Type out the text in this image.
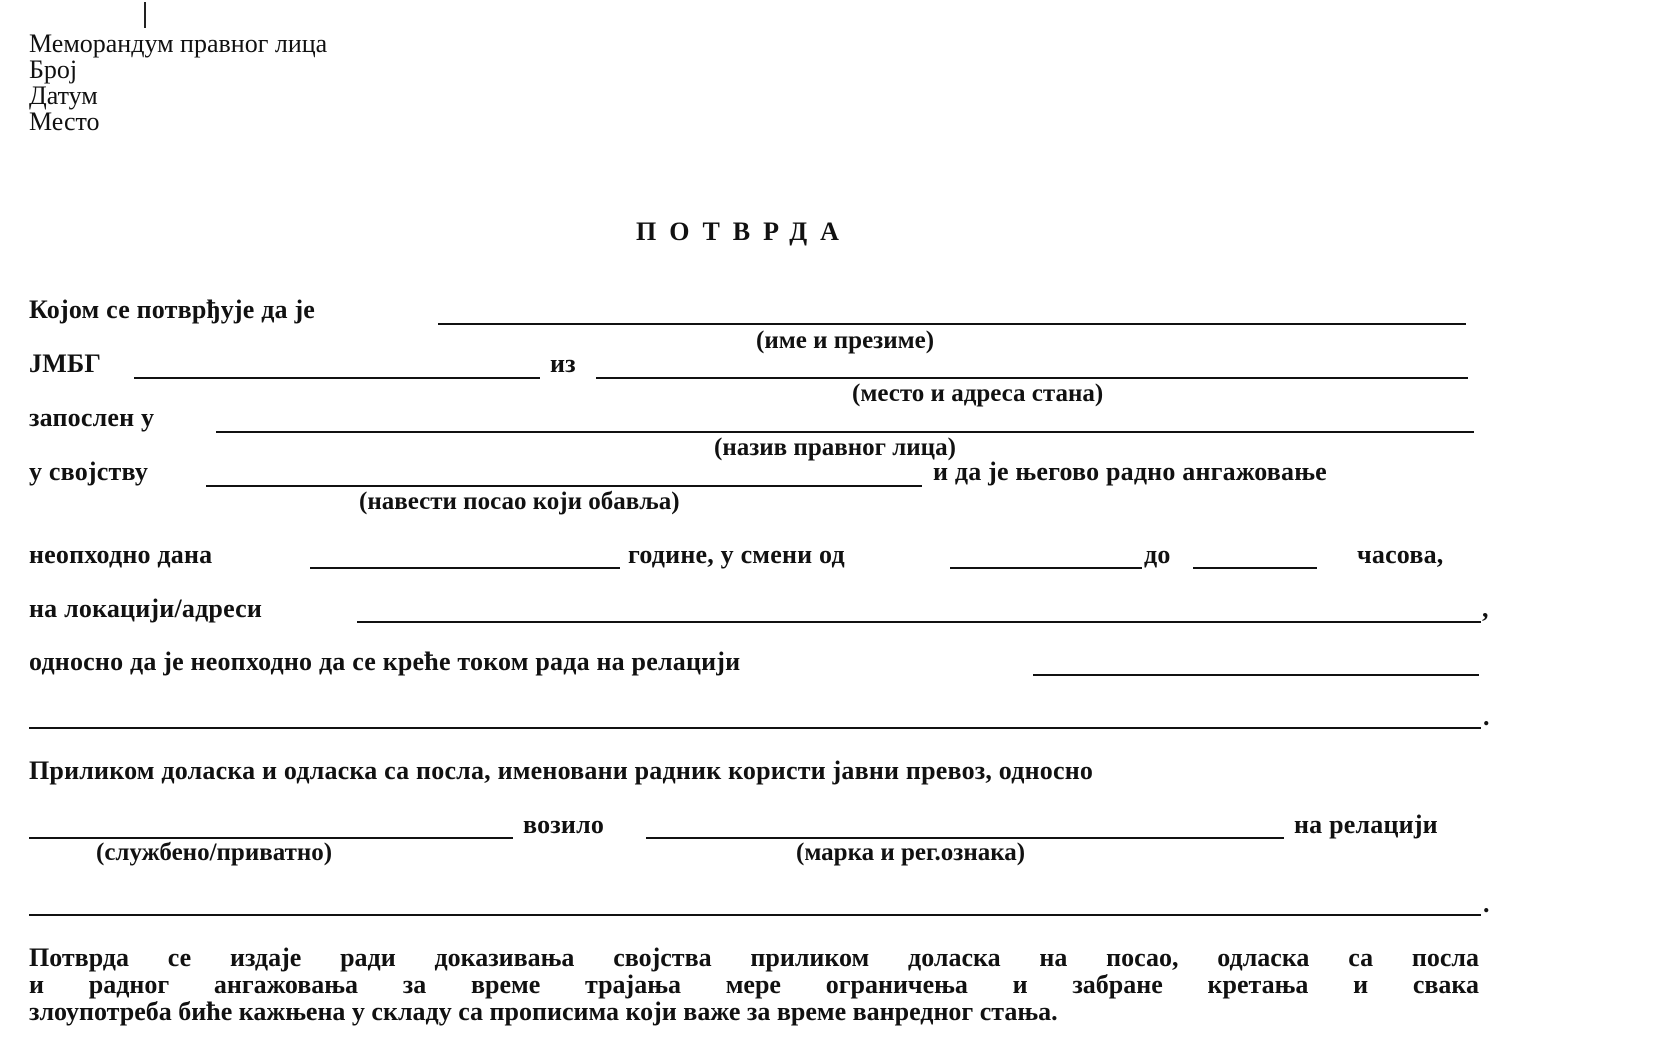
Меморандум правног лица
Број
Датум
Место
ПОТВРДА
Којом се потврђује да је
(име и презиме)
ЈМБГ	из
(место и адреса стана)
запослен у
(назив правног лица)
у својству	и да је његово радно ангажовање
(навести посао који обавља)
неопходно дана	године, у смени од	до	часова,
на локацији/адреси	,
односно да је неопходно да се креће током рада на релацији
.
Приликом доласка и одласка са посла, именовани радник користи јавни превоз, односно
возило	на релацији
(службено/приватно)	(марка и рег.ознака)
.
Потврда се издаје ради доказивања својства приликом доласка на посао, одласка са посла
и радног ангажовања за време трајања мере ограничења и забране кретања и свака
злоупотреба биће кажњена у складу са прописима који важе за време ванредног стања.
